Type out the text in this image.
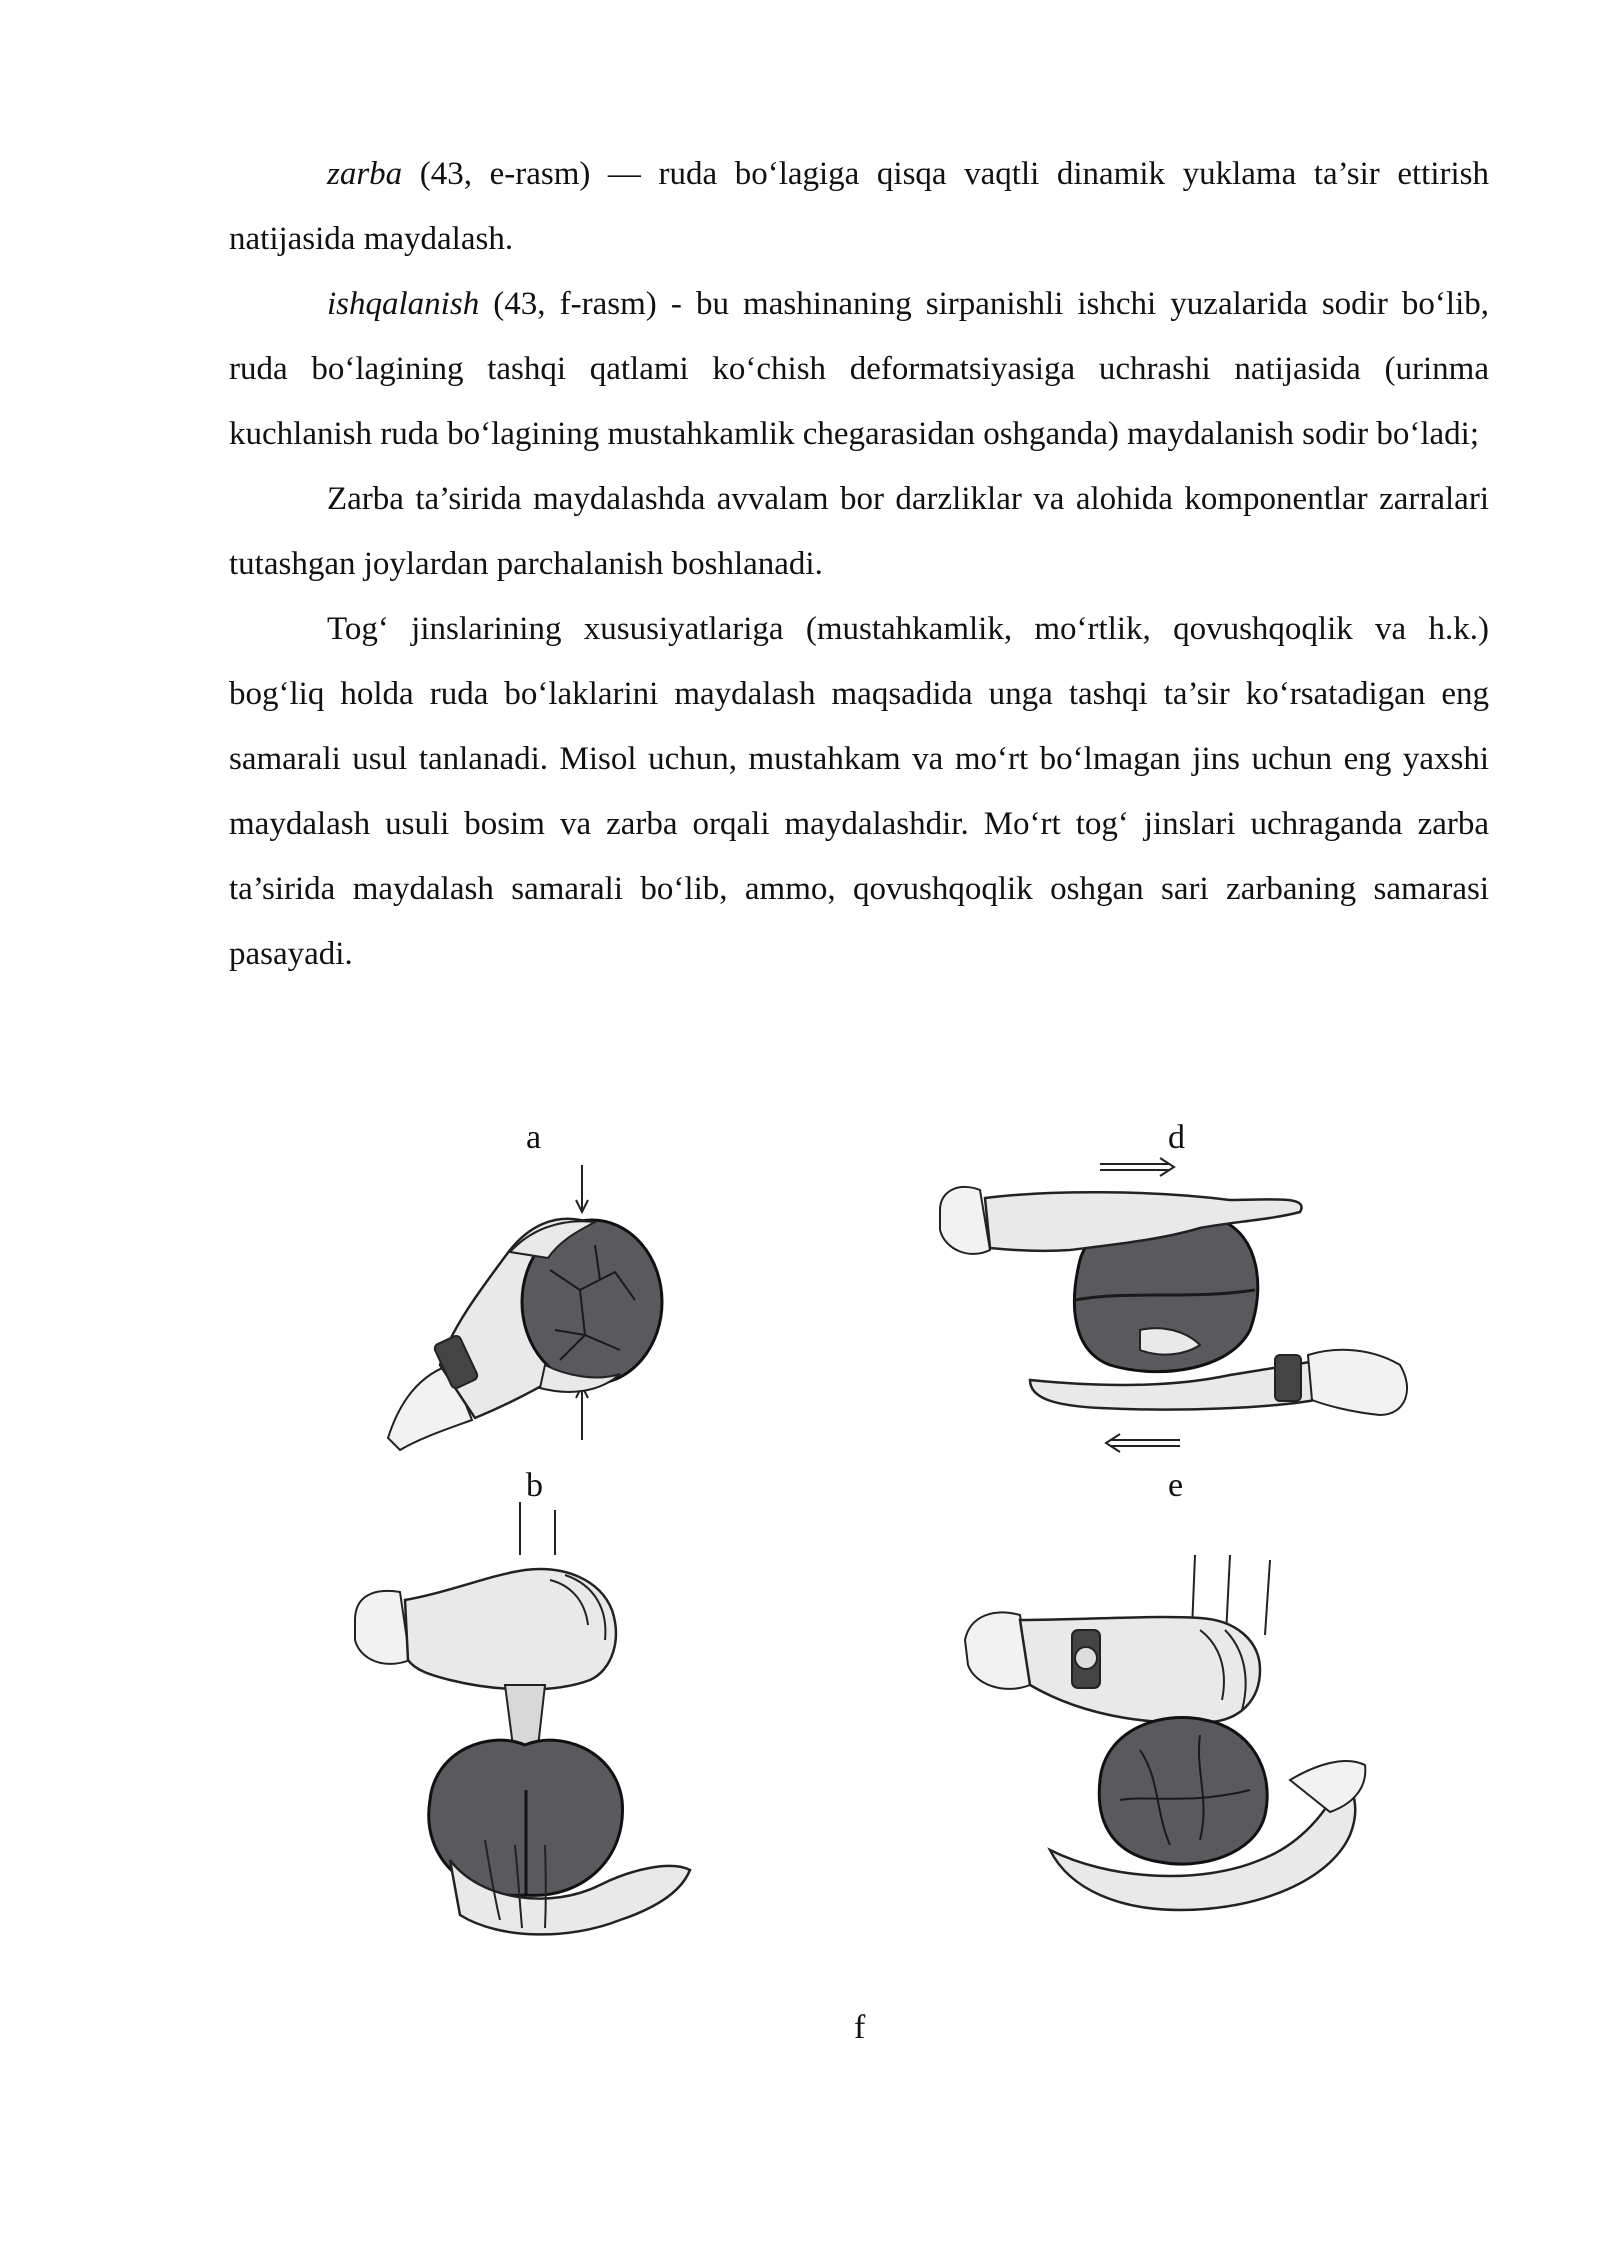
zarba (43, e-rasm) — ruda bo‘lagiga qisqa vaqtli dinamik yuklama ta’sir ettirish natijasida maydalash.

ishqalanish (43, f-rasm) - bu mashinaning sirpanishli ishchi yuzalarida sodir bo‘lib, ruda bo‘lagining tashqi qatlami ko‘chish deformatsiyasiga uchrashi natijasida (urinma kuchlanish ruda bo‘lagining mustahkamlik chegarasidan oshganda) maydalanish sodir bo‘ladi;

Zarba ta’sirida maydalashda avvalam bor darzliklar va alohida komponentlar zarralari tutashgan joylardan parchalanish boshlanadi.

Tog‘ jinslarining xususiyatlariga (mustahkamlik, mo‘rtlik, qovushqoqlik va h.k.) bog‘liq holda ruda bo‘laklarini maydalash maqsadida unga tashqi ta’sir ko‘rsatadigan eng samarali usul tanlanadi. Misol uchun, mustahkam va mo‘rt bo‘lmagan jins uchun eng yaxshi maydalash usuli bosim va zarba orqali maydalashdir. Mo‘rt tog‘ jinslari uchraganda zarba ta’sirida maydalash samarali bo‘lib, ammo, qovushqoqlik oshgan sari zarbaning samarasi pasayadi.

a	d
b	e
f
